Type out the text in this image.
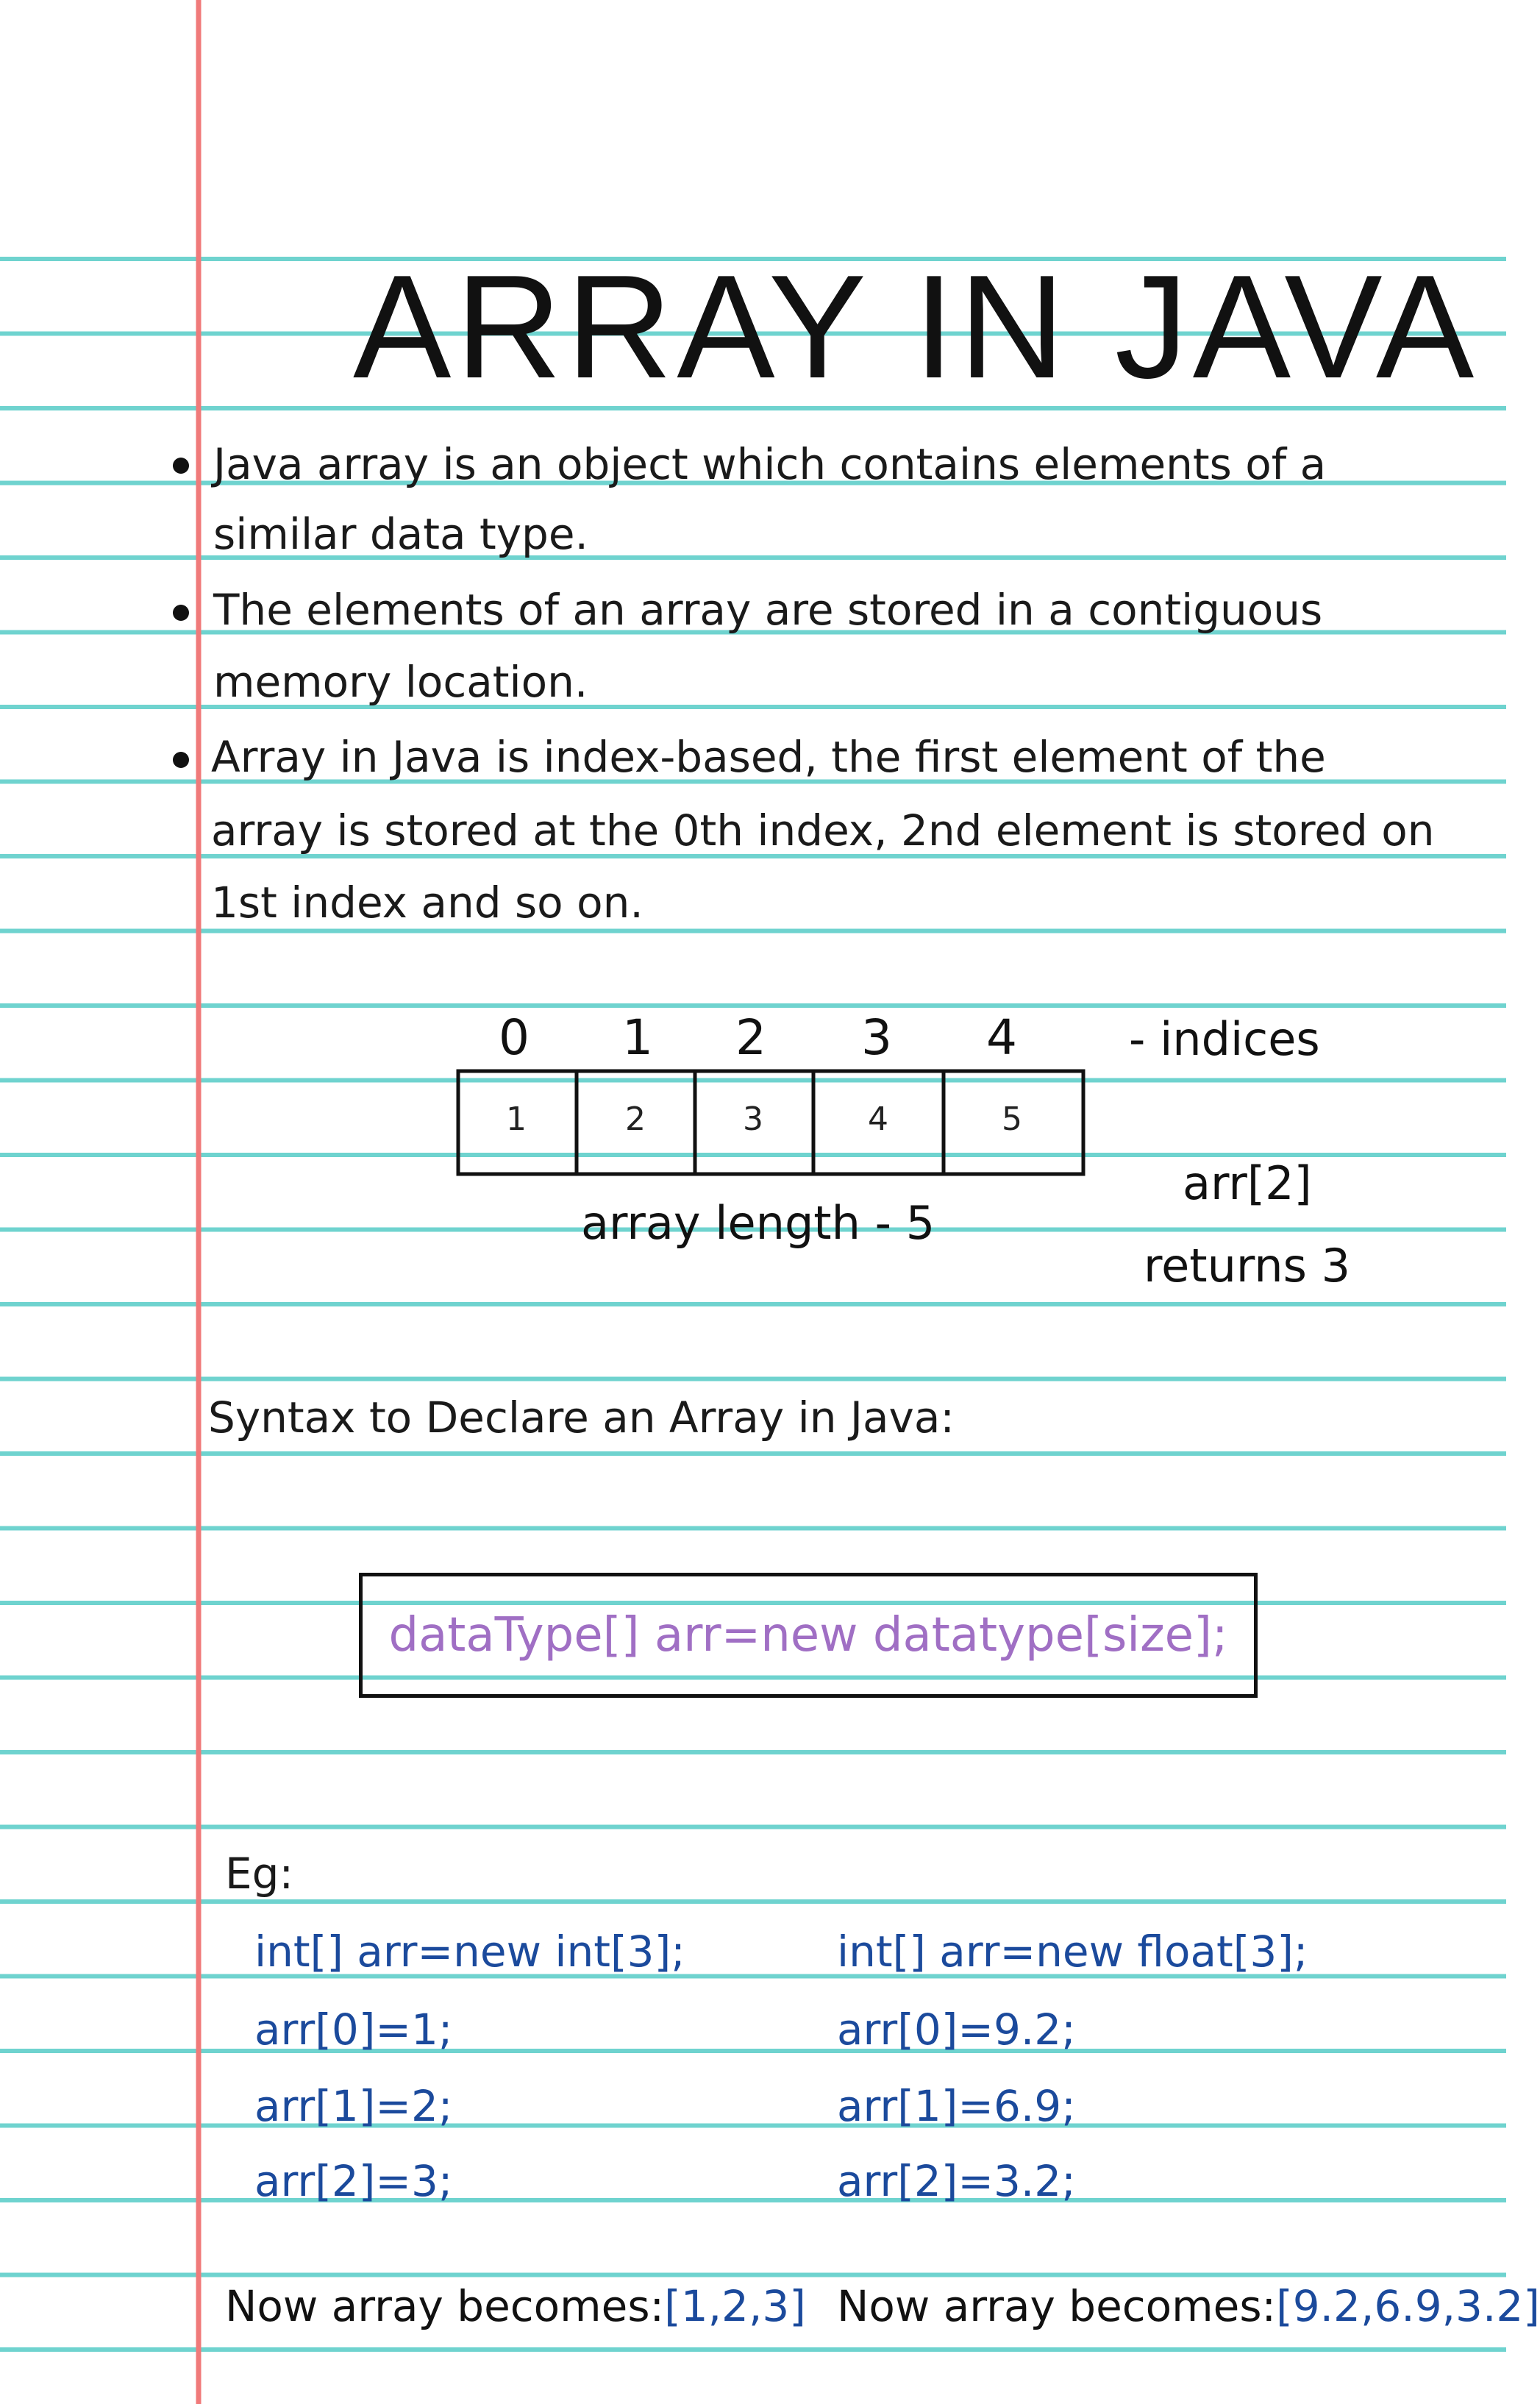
ARRAY IN JAVA
Java array is an object which contains elements of a
similar data type.
The elements of an array are stored in a contiguous
memory location.
Array in Java is index-based, the first element of the
array is stored at the 0th index, 2nd element is stored on
1st index and so on.
0 1 2 3 4 - indices
1	2	3	4	5
array length - 5
arr[2]
returns 3
Syntax to Declare an Array in Java:
dataType[] arr=new datatype[size];
Eg:
int[] arr=new int[3];
arr[0]=1;
arr[1]=2;
arr[2]=3;
int[] arr=new float[3];
arr[0]=9.2;
arr[1]=6.9;
arr[2]=3.2;
Now array becomes:[1,2,3] Now array becomes:[9.2,6.9,3.2]
